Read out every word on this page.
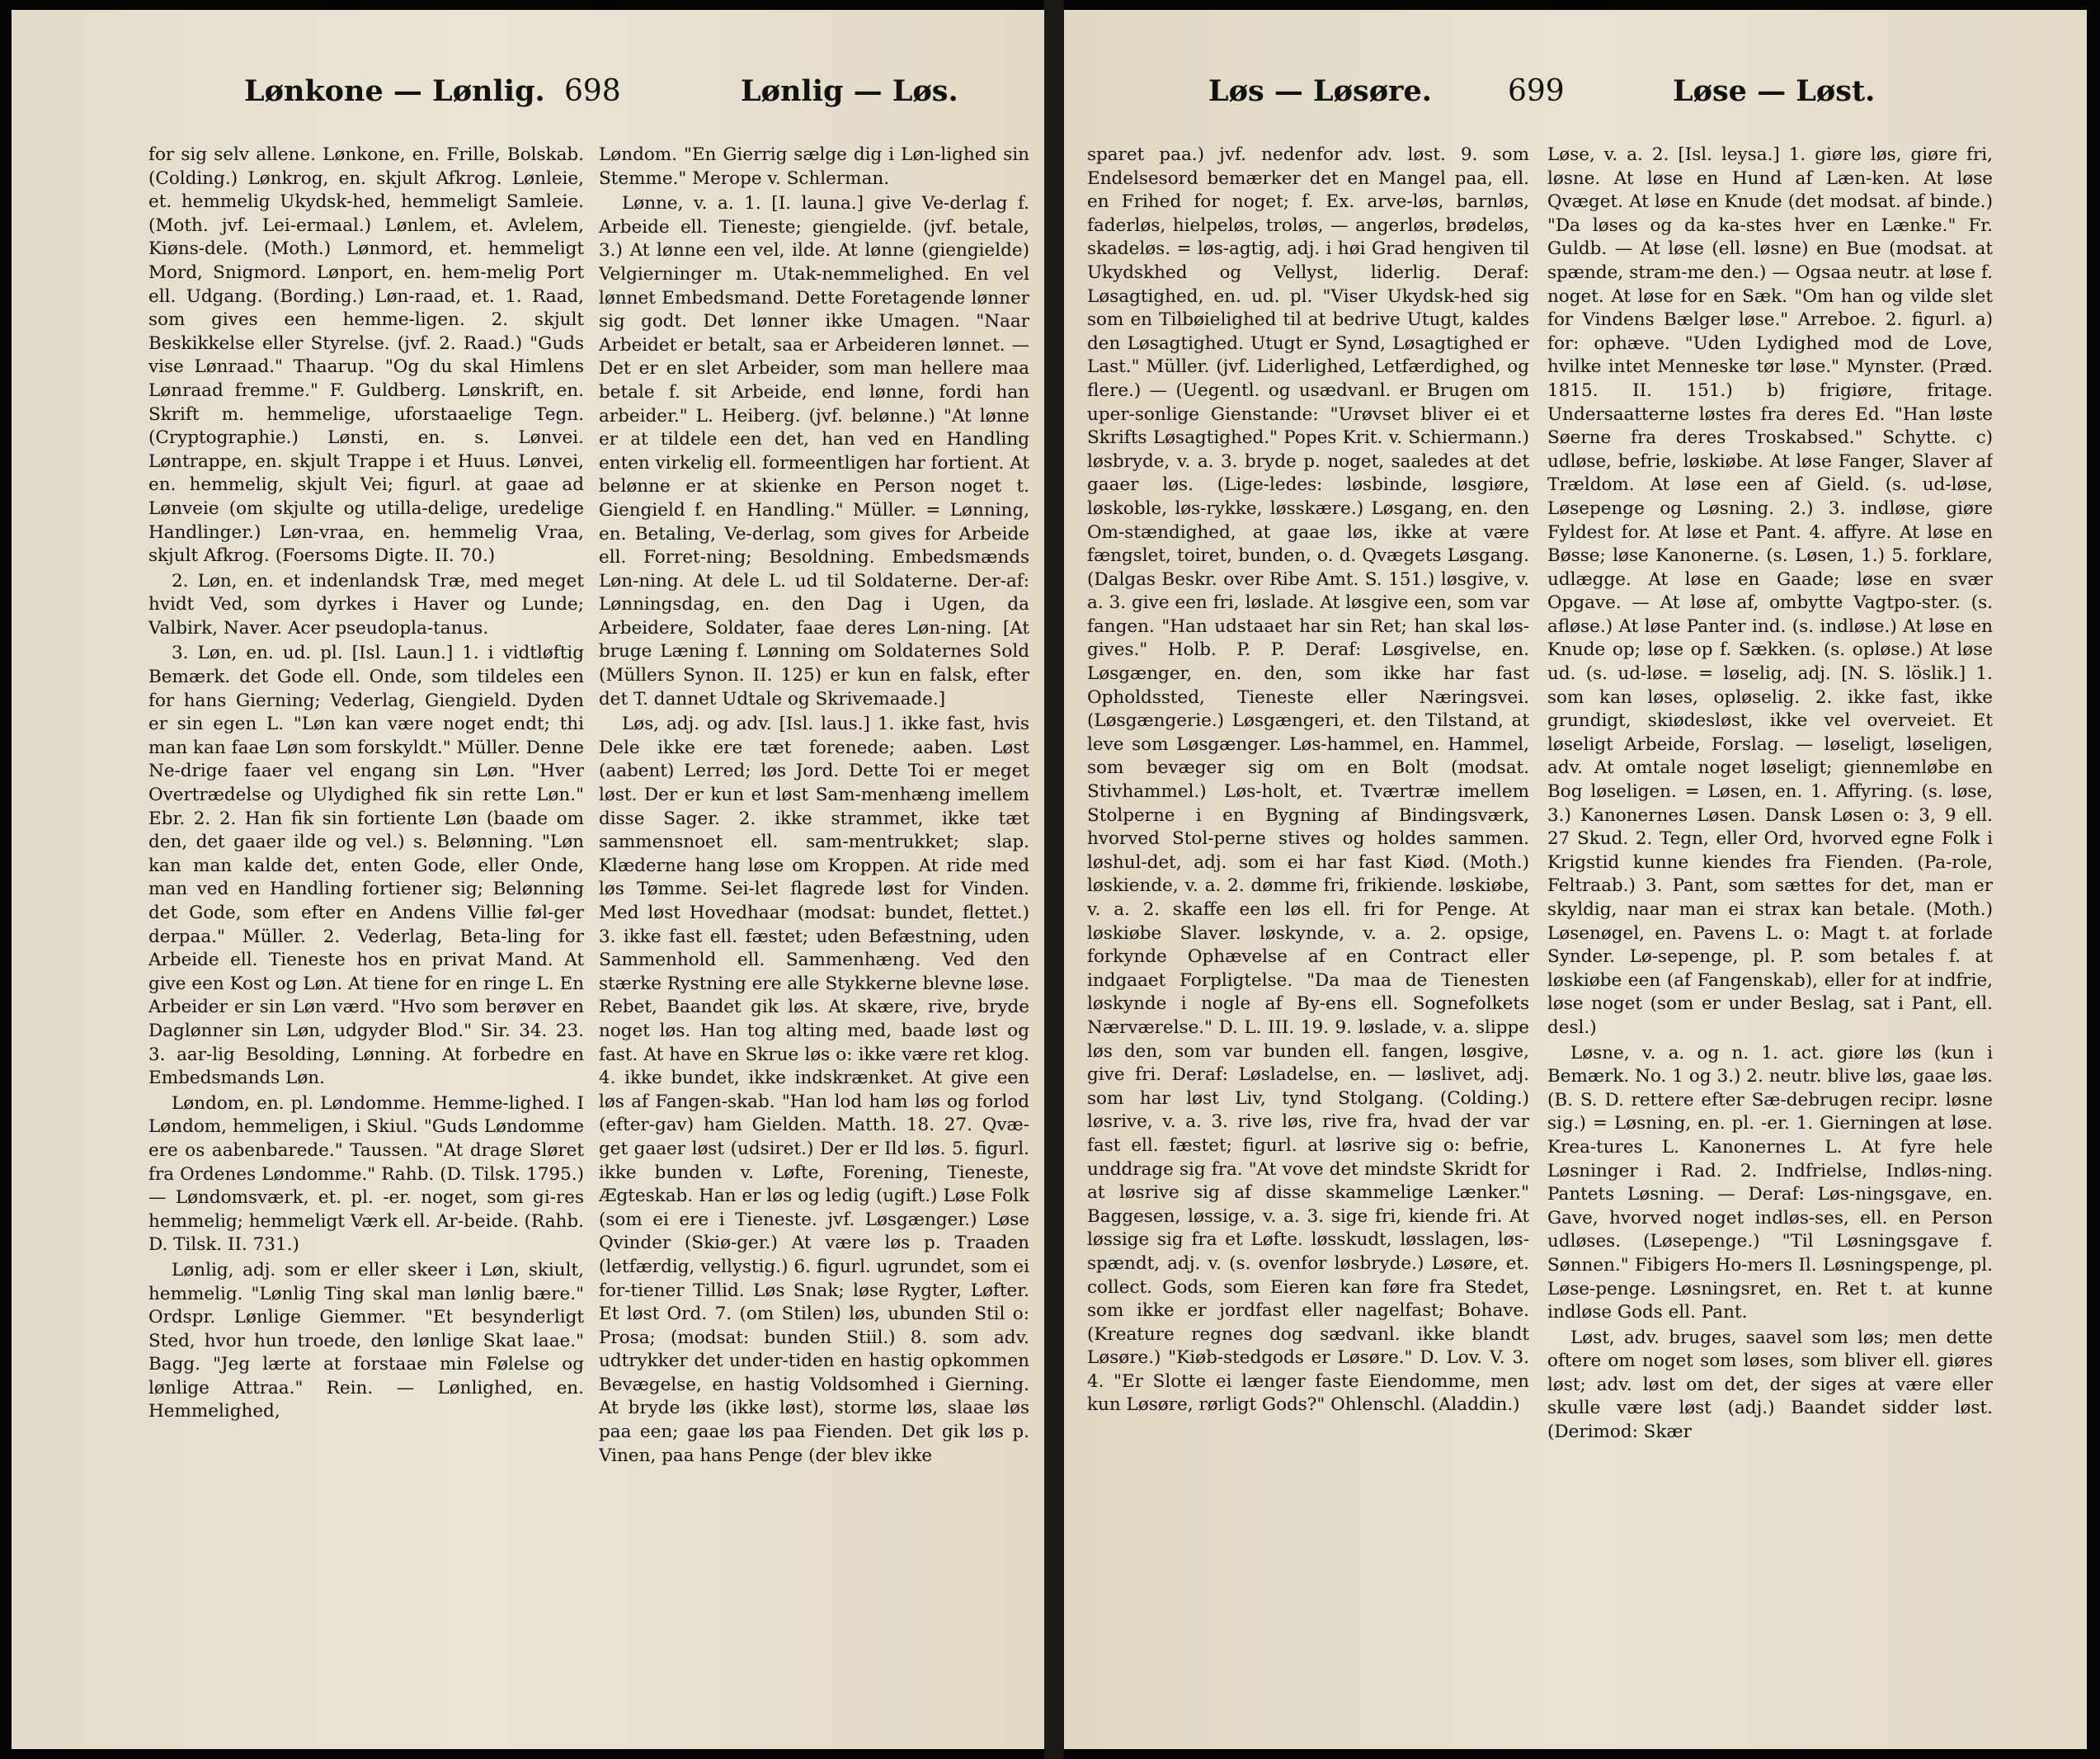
Lønkone — Lønlig. 698	Lønlig — Løs.

for sig selv allene. Lønkone, en. Frille, Bolskab. (Colding.) Lønkrog, en. skjult Afkrog. Lønleie, et. hemmelig Ukydsk-hed, hemmeligt Samleie. (Moth. jvf. Lei-ermaal.) Lønlem, et. Avlelem, Kiøns-dele. (Moth.) Lønmord, et. hemmeligt Mord, Snigmord. Lønport, en. hem-melig Port ell. Udgang. (Bording.) Løn-raad, et. 1. Raad, som gives een hemme-ligen. 2. skjult Beskikkelse eller Styrelse. (jvf. 2. Raad.) "Guds vise Lønraad." Thaarup. "Og du skal Himlens Lønraad fremme." F. Guldberg. Lønskrift, en. Skrift m. hemmelige, uforstaaelige Tegn. (Cryptographie.) Lønsti, en. s. Lønvei. Løntrappe, en. skjult Trappe i et Huus. Lønvei, en. hemmelig, skjult Vei; figurl. at gaae ad Lønveie (om skjulte og utilla-delige, uredelige Handlinger.) Løn-vraa, en. hemmelig Vraa, skjult Afkrog. (Foersoms Digte. II. 70.)

2. Løn, en. et indenlandsk Træ, med meget hvidt Ved, som dyrkes i Haver og Lunde; Valbirk, Naver. Acer pseudopla-tanus.

3. Løn, en. ud. pl. [Isl. Laun.] 1. i vidtløftig Bemærk. det Gode ell. Onde, som tildeles een for hans Gierning; Vederlag, Giengield. Dyden er sin egen L. "Løn kan være noget endt; thi man kan faae Løn som forskyldt." Müller. Denne Ne-drige faaer vel engang sin Løn. "Hver Overtrædelse og Ulydighed fik sin rette Løn." Ebr. 2. 2. Han fik sin fortiente Løn (baade om den, det gaaer ilde og vel.) s. Belønning. "Løn kan man kalde det, enten Gode, eller Onde, man ved en Handling fortiener sig; Belønning det Gode, som efter en Andens Villie føl-ger derpaa." Müller. 2. Vederlag, Beta-ling for Arbeide ell. Tieneste hos en privat Mand. At give een Kost og Løn. At tiene for en ringe L. En Arbeider er sin Løn værd. "Hvo som berøver en Daglønner sin Løn, udgyder Blod." Sir. 34. 23. 3. aar-lig Besolding, Lønning. At forbedre en Embedsmands Løn.

Løndom, en. pl. Løndomme. Hemme-lighed. I Løndom, hemmeligen, i Skiul. "Guds Løndomme ere os aabenbarede." Taussen. "At drage Sløret fra Ordenes Løndomme." Rahb. (D. Tilsk. 1795.) — Løndomsværk, et. pl. -er. noget, som gi-res hemmelig; hemmeligt Værk ell. Ar-beide. (Rahb. D. Tilsk. II. 731.)

Lønlig, adj. som er eller skeer i Løn, skiult, hemmelig. "Lønlig Ting skal man lønlig bære." Ordspr. Lønlige Giemmer. "Et besynderligt Sted, hvor hun troede, den lønlige Skat laae." Bagg. "Jeg lærte at forstaae min Følelse og lønlige Attraa." Rein. — Lønlighed, en. Hemmelighed,

Løndom. "En Gierrig sælge dig i Løn-lighed sin Stemme." Merope v. Schlerman.

Lønne, v. a. 1. [I. launa.] give Ve-derlag f. Arbeide ell. Tieneste; giengielde. (jvf. betale, 3.) At lønne een vel, ilde. At lønne (giengielde) Velgierninger m. Utak-nemmelighed. En vel lønnet Embedsmand. Dette Foretagende lønner sig godt. Det lønner ikke Umagen. "Naar Arbeidet er betalt, saa er Arbeideren lønnet. — Det er en slet Arbeider, som man hellere maa betale f. sit Arbeide, end lønne, fordi han arbeider." L. Heiberg. (jvf. belønne.) "At lønne er at tildele een det, han ved en Handling enten virkelig ell. formeentligen har fortient. At belønne er at skienke en Person noget t. Giengield f. en Handling." Müller. = Lønning, en. Betaling, Ve-derlag, som gives for Arbeide ell. Forret-ning; Besoldning. Embedsmænds Løn-ning. At dele L. ud til Soldaterne. Der-af: Lønningsdag, en. den Dag i Ugen, da Arbeidere, Soldater, faae deres Løn-ning. [At bruge Læning f. Lønning om Soldaternes Sold (Müllers Synon. II. 125) er kun en falsk, efter det T. dannet Udtale og Skrivemaade.]

Løs, adj. og adv. [Isl. laus.] 1. ikke fast, hvis Dele ikke ere tæt forenede; aaben. Løst (aabent) Lerred; løs Jord. Dette Toi er meget løst. Der er kun et løst Sam-menhæng imellem disse Sager. 2. ikke strammet, ikke tæt sammensnoet ell. sam-mentrukket; slap. Klæderne hang løse om Kroppen. At ride med løs Tømme. Sei-let flagrede løst for Vinden. Med løst Hovedhaar (modsat: bundet, flettet.) 3. ikke fast ell. fæstet; uden Befæstning, uden Sammenhold ell. Sammenhæng. Ved den stærke Rystning ere alle Stykkerne blevne løse. Rebet, Baandet gik løs. At skære, rive, bryde noget løs. Han tog alting med, baade løst og fast. At have en Skrue løs o: ikke være ret klog. 4. ikke bundet, ikke indskrænket. At give een løs af Fangen-skab. "Han lod ham løs og forlod (efter-gav) ham Gielden. Matth. 18. 27. Qvæ-get gaaer løst (udsiret.) Der er Ild løs. 5. figurl. ikke bunden v. Løfte, Forening, Tieneste, Ægteskab. Han er løs og ledig (ugift.) Løse Folk (som ei ere i Tieneste. jvf. Løsgænger.) Løse Qvinder (Skiø-ger.) At være løs p. Traaden (letfærdig, vellystig.) 6. figurl. ugrundet, som ei for-tiener Tillid. Løs Snak; løse Rygter, Løfter. Et løst Ord. 7. (om Stilen) løs, ubunden Stil o: Prosa; (modsat: bunden Stiil.) 8. som adv. udtrykker det under-tiden en hastig opkommen Bevægelse, en hastig Voldsomhed i Gierning. At bryde løs (ikke løst), storme løs, slaae løs paa een; gaae løs paa Fienden. Det gik løs p. Vinen, paa hans Penge (der blev ikke

Løs — Løsøre.	699	Løse — Løst.

sparet paa.) jvf. nedenfor adv. løst. 9. som Endelsesord bemærker det en Mangel paa, ell. en Frihed for noget; f. Ex. arve-løs, barnløs, faderløs, hielpeløs, troløs, — angerløs, brødeløs, skadeløs. = løs-agtig, adj. i høi Grad hengiven til Ukydskhed og Vellyst, liderlig. Deraf: Løsagtighed, en. ud. pl. "Viser Ukydsk-hed sig som en Tilbøielighed til at bedrive Utugt, kaldes den Løsagtighed. Utugt er Synd, Løsagtighed er Last." Müller. (jvf. Liderlighed, Letfærdighed, og flere.) — (Uegentl. og usædvanl. er Brugen om uper-sonlige Gienstande: "Urøvset bliver ei et Skrifts Løsagtighed." Popes Krit. v. Schiermann.) løsbryde, v. a. 3. bryde p. noget, saaledes at det gaaer løs. (Lige-ledes: løsbinde, løsgiøre, løskoble, løs-rykke, løsskære.) Løsgang, en. den Om-stændighed, at gaae løs, ikke at være fængslet, toiret, bunden, o. d. Qvægets Løsgang. (Dalgas Beskr. over Ribe Amt. S. 151.) løsgive, v. a. 3. give een fri, løslade. At løsgive een, som var fangen. "Han udstaaet har sin Ret; han skal løs-gives." Holb. P. P. Deraf: Løsgivelse, en. Løsgænger, en. den, som ikke har fast Opholdssted, Tieneste eller Næringsvei. (Løsgængerie.) Løsgængeri, et. den Tilstand, at leve som Løsgænger. Løs-hammel, en. Hammel, som bevæger sig om en Bolt (modsat. Stivhammel.) Løs-holt, et. Tværtræ imellem Stolperne i en Bygning af Bindingsværk, hvorved Stol-perne stives og holdes sammen. løshul-det, adj. som ei har fast Kiød. (Moth.) løskiende, v. a. 2. dømme fri, frikiende. løskiøbe, v. a. 2. skaffe een løs ell. fri for Penge. At løskiøbe Slaver. løskynde, v. a. 2. opsige, forkynde Ophævelse af en Contract eller indgaaet Forpligtelse. "Da maa de Tienesten løskynde i nogle af By-ens ell. Sognefolkets Nærværelse." D. L. III. 19. 9. løslade, v. a. slippe løs den, som var bunden ell. fangen, løsgive, give fri. Deraf: Løsladelse, en. — løslivet, adj. som har løst Liv, tynd Stolgang. (Colding.) løsrive, v. a. 3. rive løs, rive fra, hvad der var fast ell. fæstet; figurl. at løsrive sig o: befrie, unddrage sig fra. "At vove det mindste Skridt for at løsrive sig af disse skammelige Lænker." Baggesen, løssige, v. a. 3. sige fri, kiende fri. At løssige sig fra et Løfte. løsskudt, løsslagen, løs-spændt, adj. v. (s. ovenfor løsbryde.) Løsøre, et. collect. Gods, som Eieren kan føre fra Stedet, som ikke er jordfast eller nagelfast; Bohave. (Kreature regnes dog sædvanl. ikke blandt Løsøre.) "Kiøb-stedgods er Løsøre." D. Lov. V. 3. 4. "Er Slotte ei længer faste Eiendomme, men kun Løsøre, rørligt Gods?" Ohlenschl. (Aladdin.)

Løse, v. a. 2. [Isl. leysa.] 1. giøre løs, giøre fri, løsne. At løse en Hund af Læn-ken. At løse Qvæget. At løse en Knude (det modsat. af binde.) "Da løses og da ka-stes hver en Lænke." Fr. Guldb. — At løse (ell. løsne) en Bue (modsat. at spænde, stram-me den.) — Ogsaa neutr. at løse f. noget. At løse for en Sæk. "Om han og vilde slet for Vindens Bælger løse." Arreboe. 2. figurl. a) for: ophæve. "Uden Lydighed mod de Love, hvilke intet Menneske tør løse." Mynster. (Præd. 1815. II. 151.) b) frigiøre, fritage. Undersaatterne løstes fra deres Ed. "Han løste Søerne fra deres Troskabsed." Schytte. c) udløse, befrie, løskiøbe. At løse Fanger, Slaver af Trældom. At løse een af Gield. (s. ud-løse, Løsepenge og Løsning. 2.) 3. indløse, giøre Fyldest for. At løse et Pant. 4. affyre. At løse en Bøsse; løse Kanonerne. (s. Løsen, 1.) 5. forklare, udlægge. At løse en Gaade; løse en svær Opgave. — At løse af, ombytte Vagtpo-ster. (s. afløse.) At løse Panter ind. (s. indløse.) At løse en Knude op; løse op f. Sækken. (s. opløse.) At løse ud. (s. ud-løse. = løselig, adj. [N. S. löslik.] 1. som kan løses, opløselig. 2. ikke fast, ikke grundigt, skiødesløst, ikke vel overveiet. Et løseligt Arbeide, Forslag. — løseligt, løseligen, adv. At omtale noget løseligt; giennemløbe en Bog løseligen. = Løsen, en. 1. Affyring. (s. løse, 3.) Kanonernes Løsen. Dansk Løsen o: 3, 9 ell. 27 Skud. 2. Tegn, eller Ord, hvorved egne Folk i Krigstid kunne kiendes fra Fienden. (Pa-role, Feltraab.) 3. Pant, som sættes for det, man er skyldig, naar man ei strax kan betale. (Moth.) Løsenøgel, en. Pavens L. o: Magt t. at forlade Synder. Lø-sepenge, pl. P. som betales f. at løskiøbe een (af Fangenskab), eller for at indfrie, løse noget (som er under Beslag, sat i Pant, ell. desl.)

Løsne, v. a. og n. 1. act. giøre løs (kun i Bemærk. No. 1 og 3.) 2. neutr. blive løs, gaae løs. (B. S. D. rettere efter Sæ-debrugen recipr. løsne sig.) = Løsning, en. pl. -er. 1. Gierningen at løse. Krea-tures L. Kanonernes L. At fyre hele Løsninger i Rad. 2. Indfrielse, Indløs-ning. Pantets Løsning. — Deraf: Løs-ningsgave, en. Gave, hvorved noget indløs-ses, ell. en Person udløses. (Løsepenge.) "Til Løsningsgave f. Sønnen." Fibigers Ho-mers Il. Løsningspenge, pl. Løse-penge. Løsningsret, en. Ret t. at kunne indløse Gods ell. Pant.

Løst, adv. bruges, saavel som løs; men dette oftere om noget som løses, som bliver ell. giøres løst; adv. løst om det, der siges at være eller skulle være løst (adj.) Baandet sidder løst. (Derimod: Skær
